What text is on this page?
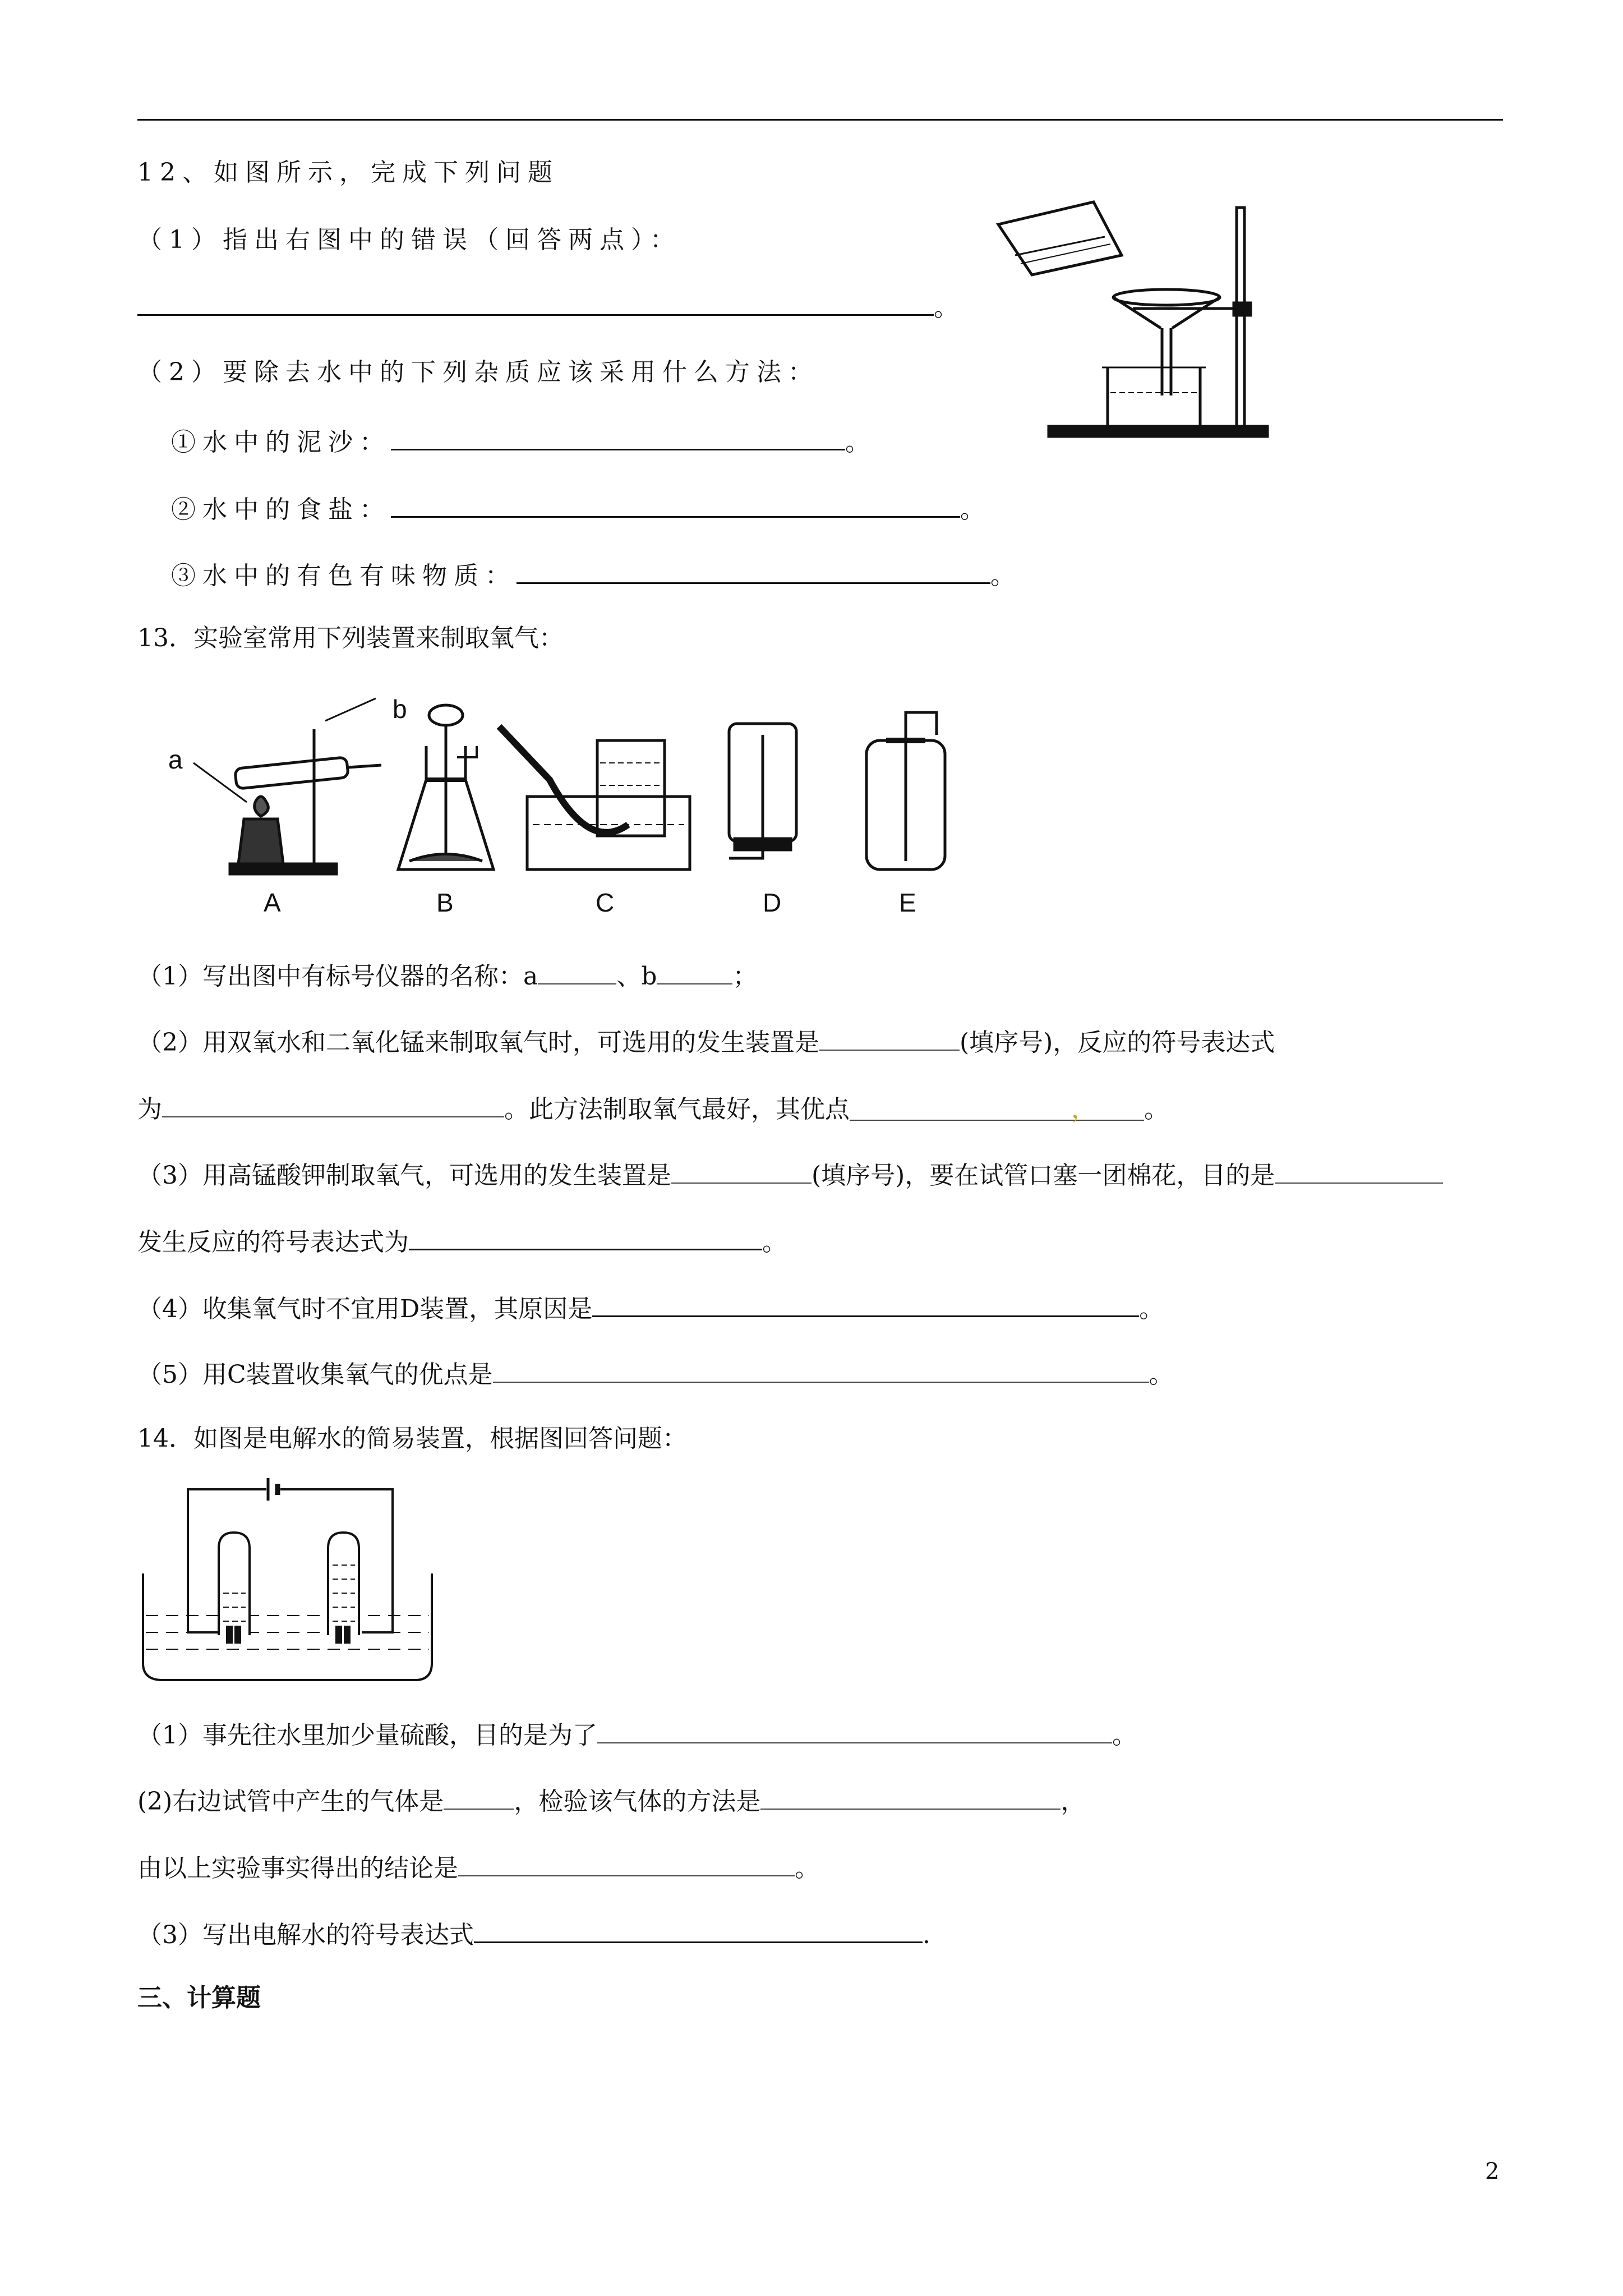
12、如图所示，完成下列问题
（1）指出右图中的错误（回答两点）：
。
（2）要除去水中的下列杂质应该采用什么方法：
①水中的泥沙：	。
②水中的食盐：	。
③水中的有色有味物质：	。
13．实验室常用下列装置来制取氧气：
a
b
A	B	C	D	E
（1）写出图中有标号仪器的名称：a	、b	；
（2）用双氧水和二氧化锰来制取氧气时，可选用的发生装置是	(填序号)，反应的符号表达式
为	。此方法制取氧气最好，其优点	， 。
（3）用高锰酸钾制取氧气，可选用的发生装置是	(填序号)，要在试管口塞一团棉花，目的是
发生反应的符号表达式为	。
（4）收集氧气时不宜用D装置，其原因是	。
（5）用C装置收集氧气的优点是	。
14．如图是电解水的简易装置，根据图回答问题：
（1）事先往水里加少量硫酸，目的是为了	。
(2)右边试管中产生的气体是	，检验该气体的方法是	，
由以上实验事实得出的结论是	。
（3）写出电解水的符号表达式	.
三、计算题
2
